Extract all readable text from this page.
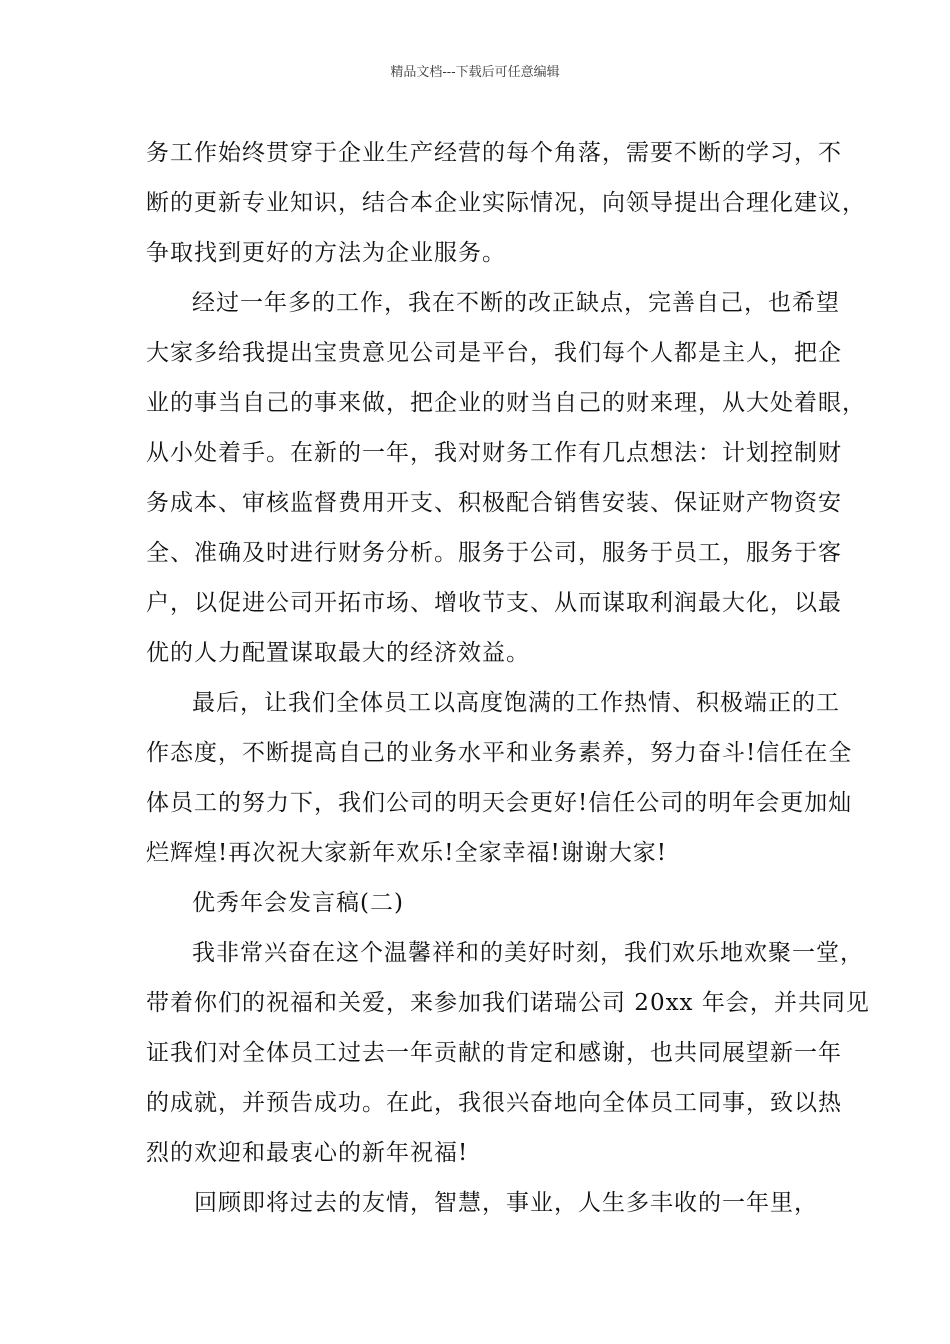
精品文档---下载后可任意编辑
务工作始终贯穿于企业生产经营的每个角落，需要不断的学习，不
断的更新专业知识，结合本企业实际情况，向领导提出合理化建议，
争取找到更好的方法为企业服务。
经过一年多的工作，我在不断的改正缺点，完善自己，也希望
大家多给我提出宝贵意见公司是平台，我们每个人都是主人，把企
业的事当自己的事来做，把企业的财当自己的财来理，从大处着眼，
从小处着手。在新的一年，我对财务工作有几点想法：计划控制财
务成本、审核监督费用开支、积极配合销售安装、保证财产物资安
全、准确及时进行财务分析。服务于公司，服务于员工，服务于客
户，以促进公司开拓市场、增收节支、从而谋取利润最大化，以最
优的人力配置谋取最大的经济效益。
最后，让我们全体员工以高度饱满的工作热情、积极端正的工
作态度，不断提高自己的业务水平和业务素养，努力奋斗!信任在全
体员工的努力下，我们公司的明天会更好!信任公司的明年会更加灿
烂辉煌!再次祝大家新年欢乐!全家幸福!谢谢大家!
优秀年会发言稿(二)
我非常兴奋在这个温馨祥和的美好时刻，我们欢乐地欢聚一堂，
带着你们的祝福和关爱，来参加我们诺瑞公司 20xx 年会，并共同见
证我们对全体员工过去一年贡献的肯定和感谢，也共同展望新一年
的成就，并预告成功。在此，我很兴奋地向全体员工同事，致以热
烈的欢迎和最衷心的新年祝福!
回顾即将过去的友情，智慧，事业，人生多丰收的一年里，
